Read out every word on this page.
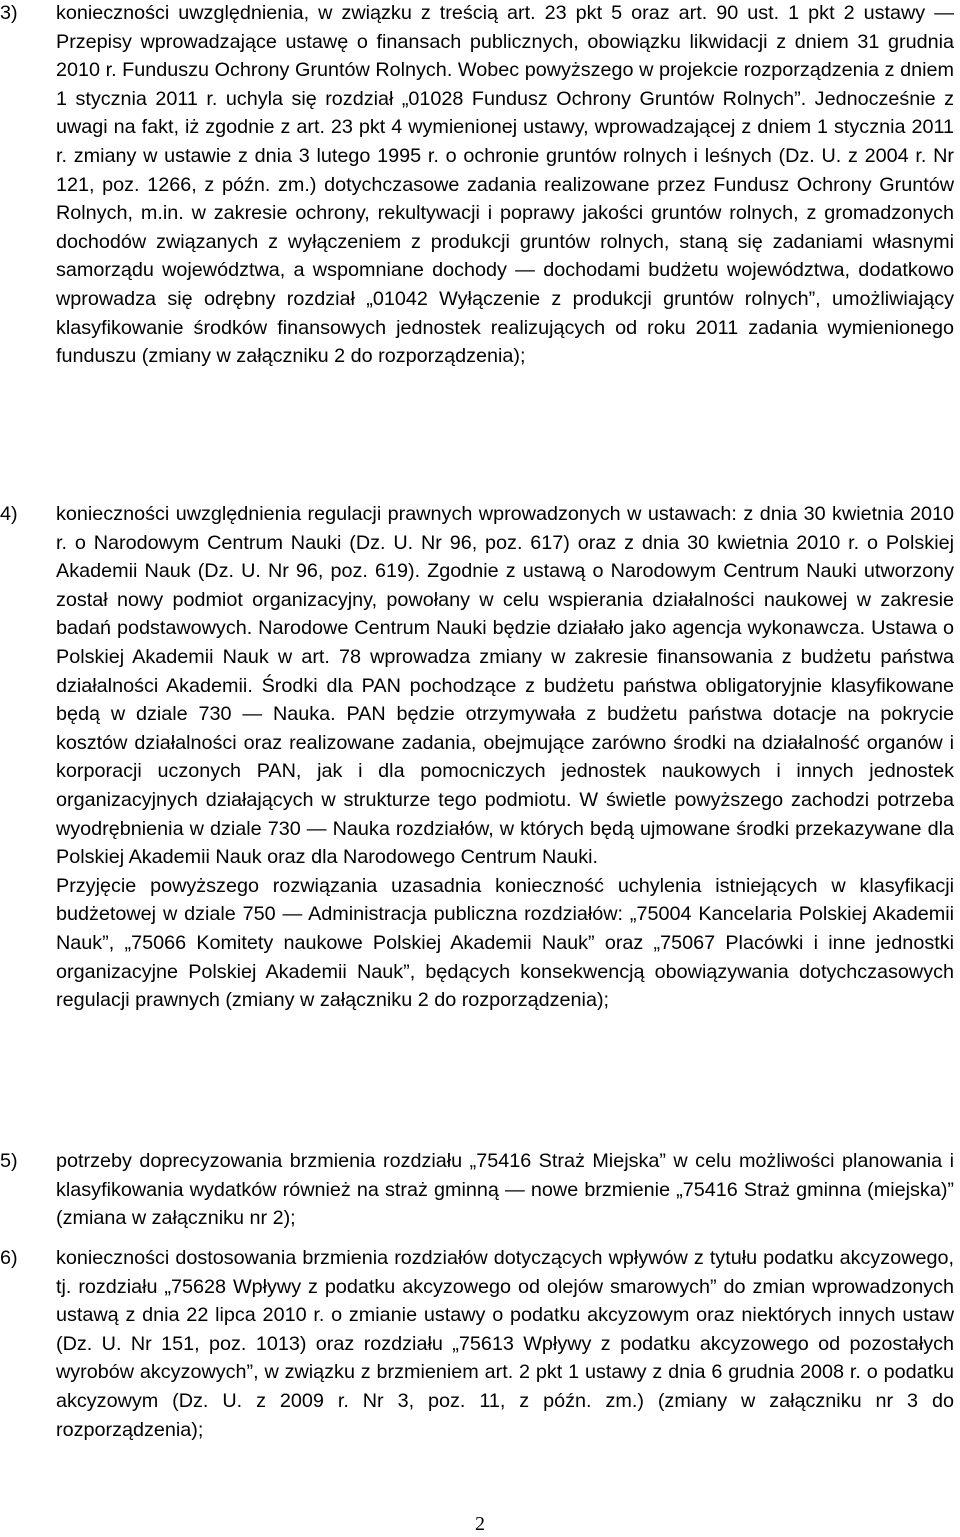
3) konieczności uwzględnienia, w związku z treścią art. 23 pkt 5 oraz art. 90 ust. 1 pkt 2 ustawy — Przepisy wprowadzające ustawę o finansach publicznych, obowiązku likwidacji z dniem 31 grudnia 2010 r. Funduszu Ochrony Gruntów Rolnych. Wobec powyższego w projekcie rozporządzenia z dniem 1 stycznia 2011 r. uchyla się rozdział „01028 Fundusz Ochrony Gruntów Rolnych”. Jednocześnie z uwagi na fakt, iż zgodnie z art. 23 pkt 4 wymienionej ustawy, wprowadzającej z dniem 1 stycznia 2011 r. zmiany w ustawie z dnia 3 lutego 1995 r. o ochronie gruntów rolnych i leśnych (Dz. U. z 2004 r. Nr 121, poz. 1266, z późn. zm.) dotychczasowe zadania realizowane przez Fundusz Ochrony Gruntów Rolnych, m.in. w zakresie ochrony, rekultywacji i poprawy jakości gruntów rolnych, z gromadzonych dochodów związanych z wyłączeniem z produkcji gruntów rolnych, staną się zadaniami własnymi samorządu województwa, a wspomniane dochody — dochodami budżetu województwa, dodatkowo wprowadza się odrębny rozdział „01042 Wyłączenie z produkcji gruntów rolnych”, umożliwiający klasyfikowanie środków finansowych jednostek realizujących od roku 2011 zadania wymienionego funduszu (zmiany w załączniku 2 do rozporządzenia);

4) konieczności uwzględnienia regulacji prawnych wprowadzonych w ustawach: z dnia 30 kwietnia 2010 r. o Narodowym Centrum Nauki (Dz. U. Nr 96, poz. 617) oraz z dnia 30 kwietnia 2010 r. o Polskiej Akademii Nauk (Dz. U. Nr 96, poz. 619). Zgodnie z ustawą o Narodowym Centrum Nauki utworzony został nowy podmiot organizacyjny, powołany w celu wspierania działalności naukowej w zakresie badań podstawowych. Narodowe Centrum Nauki będzie działało jako agencja wykonawcza. Ustawa o Polskiej Akademii Nauk w art. 78 wprowadza zmiany w zakresie finansowania z budżetu państwa działalności Akademii. Środki dla PAN pochodzące z budżetu państwa obligatoryjnie klasyfikowane będą w dziale 730 — Nauka. PAN będzie otrzymywała z budżetu państwa dotacje na pokrycie kosztów działalności oraz realizowane zadania, obejmujące zarówno środki na działalność organów i korporacji uczonych PAN, jak i dla pomocniczych jednostek naukowych i innych jednostek organizacyjnych działających w strukturze tego podmiotu. W świetle powyższego zachodzi potrzeba wyodrębnienia w dziale 730 — Nauka rozdziałów, w których będą ujmowane środki przekazywane dla Polskiej Akademii Nauk oraz dla Narodowego Centrum Nauki.

Przyjęcie powyższego rozwiązania uzasadnia konieczność uchylenia istniejących w klasyfikacji budżetowej w dziale 750 — Administracja publiczna rozdziałów: „75004 Kancelaria Polskiej Akademii Nauk”, „75066 Komitety naukowe Polskiej Akademii Nauk” oraz „75067 Placówki i inne jednostki organizacyjne Polskiej Akademii Nauk”, będących konsekwencją obowiązywania dotychczasowych regulacji prawnych (zmiany w załączniku 2 do rozporządzenia);

5) potrzeby doprecyzowania brzmienia rozdziału „75416 Straż Miejska” w celu możliwości planowania i klasyfikowania wydatków również na straż gminną — nowe brzmienie „75416 Straż gminna (miejska)” (zmiana w załączniku nr 2);

6) konieczności dostosowania brzmienia rozdziałów dotyczących wpływów z tytułu podatku akcyzowego, tj. rozdziału „75628 Wpływy z podatku akcyzowego od olejów smarowych” do zmian wprowadzonych ustawą z dnia 22 lipca 2010 r. o zmianie ustawy o podatku akcyzowym oraz niektórych innych ustaw (Dz. U. Nr 151, poz. 1013) oraz rozdziału „75613 Wpływy z podatku akcyzowego od pozostałych wyrobów akcyzowych”, w związku z brzmieniem art. 2 pkt 1 ustawy z dnia 6 grudnia 2008 r. o podatku akcyzowym (Dz. U. z 2009 r. Nr 3, poz. 11, z późn. zm.) (zmiany w załączniku nr 3 do rozporządzenia);

2
